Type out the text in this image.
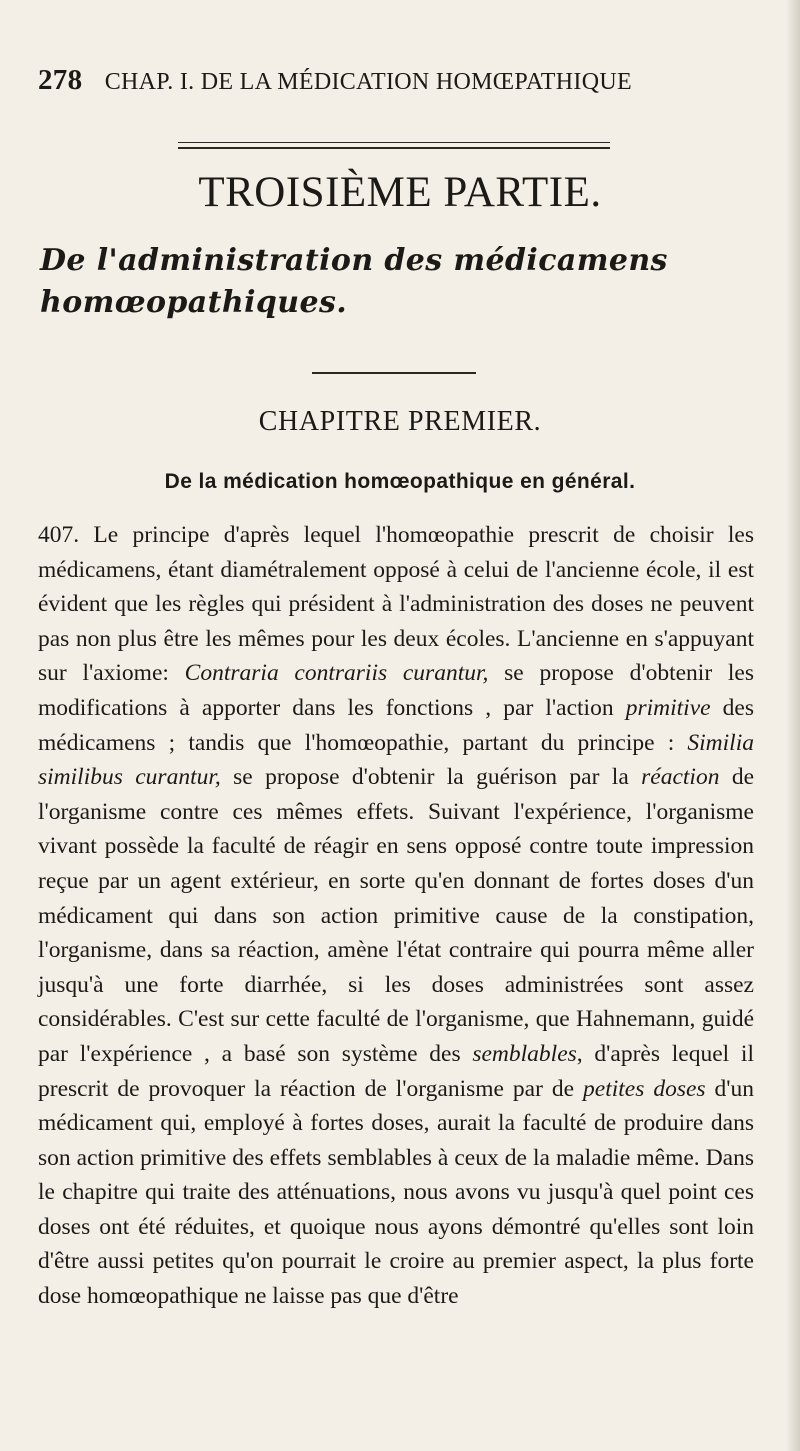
278 CHAP. I. DE LA MÉDICATION HOMŒPATHIQUE
TROISIÈME PARTIE.
De l'administration des médicamens homœopathiques.
CHAPITRE PREMIER.
De la médication homœopathique en général.

407. Le principe d'après lequel l'homœopathie prescrit de choisir les médicamens, étant diamétralement opposé à celui de l'ancienne école, il est évident que les règles qui président à l'administration des doses ne peuvent pas non plus être les mêmes pour les deux écoles. L'ancienne en s'appuyant sur l'axiome: Contraria contrariis curantur, se propose d'obtenir les modifications à apporter dans les fonctions , par l'action primitive des médicamens ; tandis que l'homœopathie, partant du principe : Similia similibus curantur, se propose d'obtenir la guérison par la réaction de l'organisme contre ces mêmes effets. Suivant l'expérience, l'organisme vivant possède la faculté de réagir en sens opposé contre toute impression reçue par un agent extérieur, en sorte qu'en donnant de fortes doses d'un médicament qui dans son action primitive cause de la constipation, l'organisme, dans sa réaction, amène l'état contraire qui pourra même aller jusqu'à une forte diarrhée, si les doses administrées sont assez considérables. C'est sur cette faculté de l'organisme, que Hahnemann, guidé par l'expérience , a basé son système des semblables, d'après lequel il prescrit de provoquer la réaction de l'organisme par de petites doses d'un médicament qui, employé à fortes doses, aurait la faculté de produire dans son action primitive des effets semblables à ceux de la maladie même. Dans le chapitre qui traite des atténuations, nous avons vu jusqu'à quel point ces doses ont été réduites, et quoique nous ayons démontré qu'elles sont loin d'être aussi petites qu'on pourrait le croire au premier aspect, la plus forte dose homœopathique ne laisse pas que d'être
